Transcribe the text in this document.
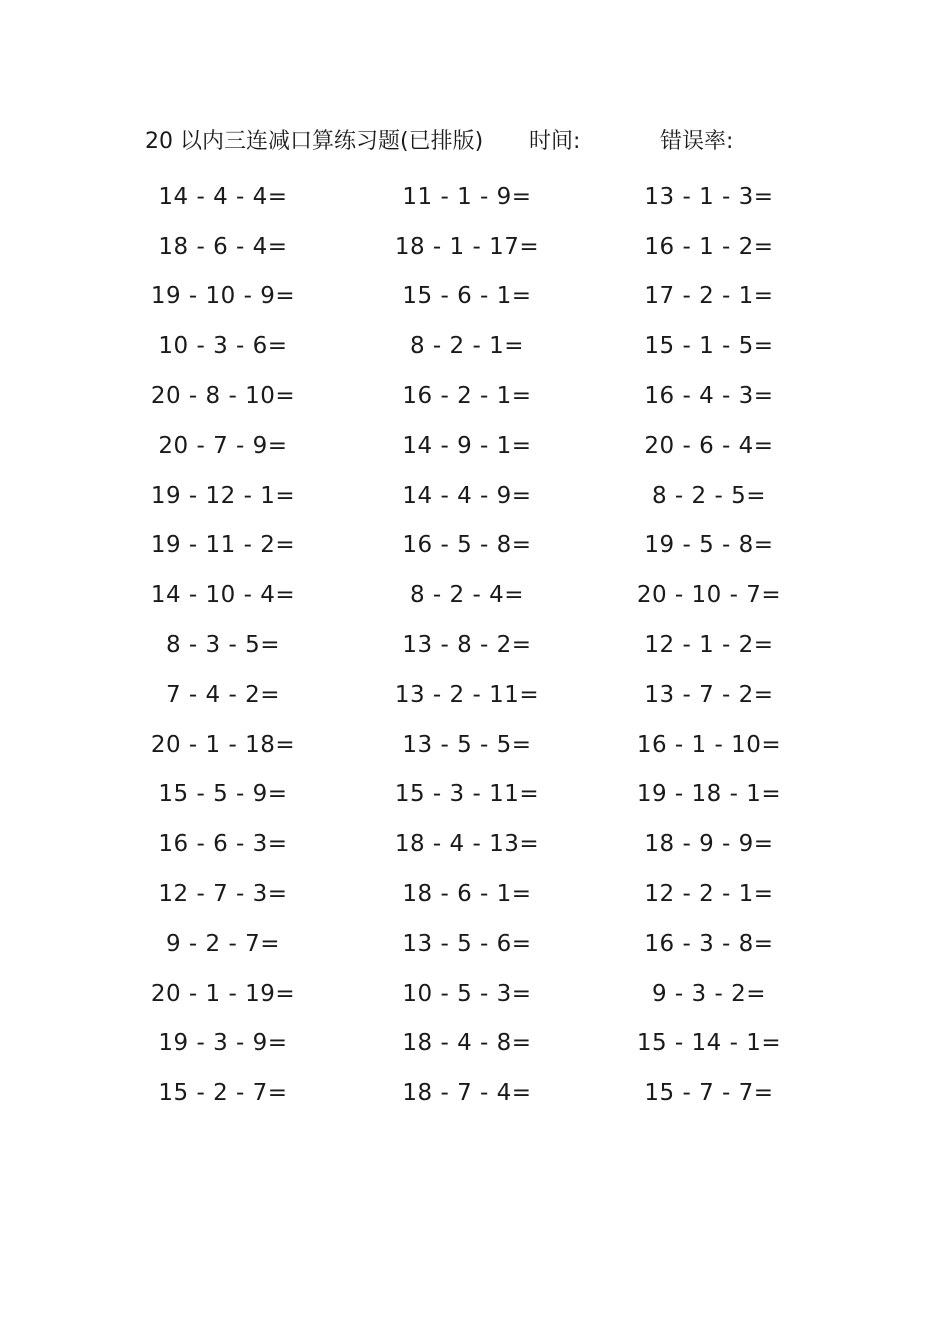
20 以内三连减口算练习题(已排版) 时间:	错误率:
14 - 4 - 4=	11 - 1 - 9=	13 - 1 - 3=
18 - 6 - 4=	18 - 1 - 17=	16 - 1 - 2=
19 - 10 - 9=	15 - 6 - 1=	17 - 2 - 1=
10 - 3 - 6=	8 - 2 - 1=	15 - 1 - 5=
20 - 8 - 10=	16 - 2 - 1=	16 - 4 - 3=
20 - 7 - 9=	14 - 9 - 1=	20 - 6 - 4=
19 - 12 - 1=	14 - 4 - 9=	8 - 2 - 5=
19 - 11 - 2=	16 - 5 - 8=	19 - 5 - 8=
14 - 10 - 4=	8 - 2 - 4=	20 - 10 - 7=
8 - 3 - 5=	13 - 8 - 2=	12 - 1 - 2=
7 - 4 - 2=	13 - 2 - 11=	13 - 7 - 2=
20 - 1 - 18=	13 - 5 - 5=	16 - 1 - 10=
15 - 5 - 9=	15 - 3 - 11=	19 - 18 - 1=
16 - 6 - 3=	18 - 4 - 13=	18 - 9 - 9=
12 - 7 - 3=	18 - 6 - 1=	12 - 2 - 1=
9 - 2 - 7=	13 - 5 - 6=	16 - 3 - 8=
20 - 1 - 19=	10 - 5 - 3=	9 - 3 - 2=
19 - 3 - 9=	18 - 4 - 8=	15 - 14 - 1=
15 - 2 - 7=	18 - 7 - 4=	15 - 7 - 7=
